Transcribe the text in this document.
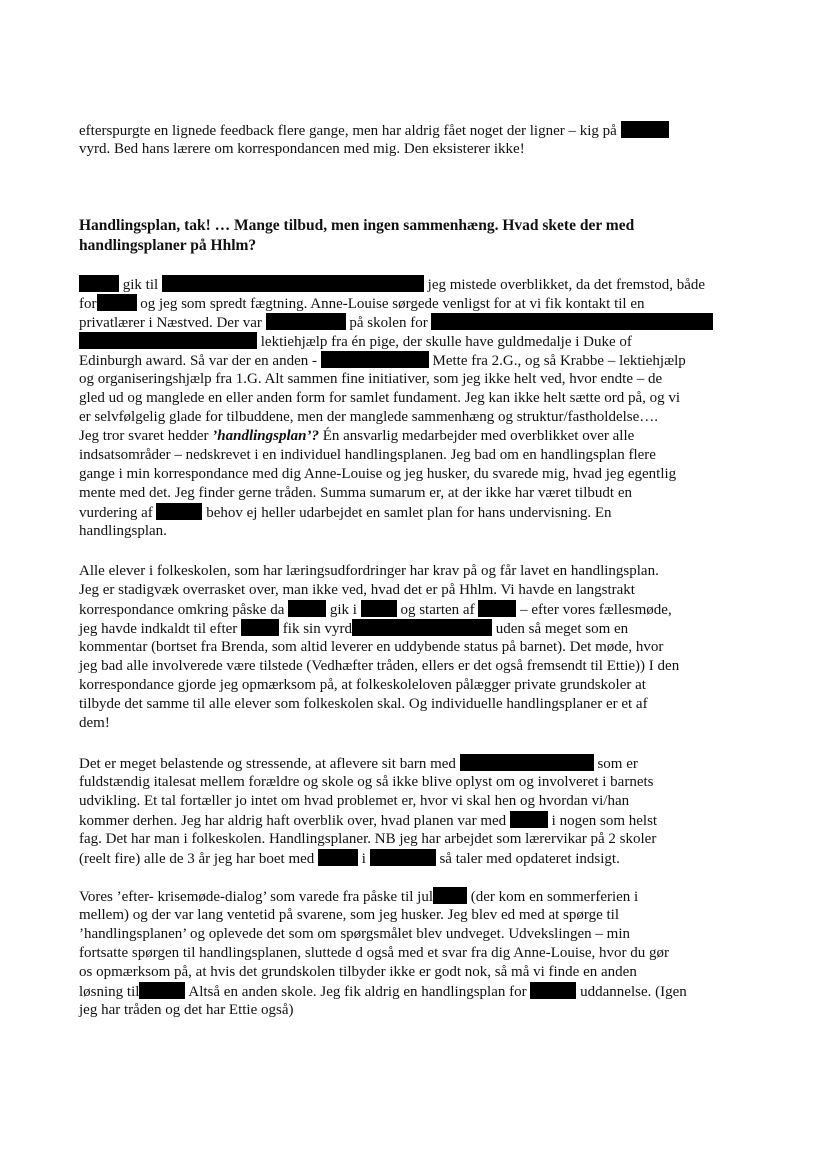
efterspurgte en lignede feedback flere gange, men har aldrig fået noget der ligner – kig på
vyrd. Bed hans lærere om korrespondancen med mig. Den eksisterer ikke!
Handlingsplan, tak! … Mange tilbud, men ingen sammenhæng. Hvad skete der med
handlingsplaner på Hhlm?
gik til	jeg mistede overblikket, da det fremstod, både
for	og jeg som spredt fægtning. Anne-Louise sørgede venligst for at vi fik kontakt til en
privatlærer i Næstved. Der var	på skolen for
lektiehjælp fra én pige, der skulle have guldmedalje i Duke of
Edinburgh award. Så var der en anden -	Mette fra 2.G., og så Krabbe – lektiehjælp
og organiseringshjælp fra 1.G. Alt sammen fine initiativer, som jeg ikke helt ved, hvor endte – de
gled ud og manglede en eller anden form for samlet fundament. Jeg kan ikke helt sætte ord på, og vi
er selvfølgelig glade for tilbuddene, men der manglede sammenhæng og struktur/fastholdelse….
Jeg tror svaret hedder ’handlingsplan’? Én ansvarlig medarbejder med overblikket over alle
indsatsområder – nedskrevet i en individuel handlingsplanen. Jeg bad om en handlingsplan flere
gange i min korrespondance med dig Anne-Louise og jeg husker, du svarede mig, hvad jeg egentlig
mente med det. Jeg finder gerne tråden. Summa sumarum er, at der ikke har været tilbudt en
vurdering af	behov ej heller udarbejdet en samlet plan for hans undervisning. En
handlingsplan.
Alle elever i folkeskolen, som har læringsudfordringer har krav på og får lavet en handlingsplan.
Jeg er stadigvæk overrasket over, man ikke ved, hvad det er på Hhlm. Vi havde en langstrakt
korrespondance omkring påske da	gik i	og starten af	– efter vores fællesmøde,
jeg havde indkaldt til efter	fik sin vyrd	uden så meget som en
kommentar (bortset fra Brenda, som altid leverer en uddybende status på barnet). Det møde, hvor
jeg bad alle involverede være tilstede (Vedhæfter tråden, ellers er det også fremsendt til Ettie)) I den
korrespondance gjorde jeg opmærksom på, at folkeskoleloven pålægger private grundskoler at
tilbyde det samme til alle elever som folkeskolen skal. Og individuelle handlingsplaner er et af
dem!
Det er meget belastende og stressende, at aflevere sit barn med	som er
fuldstændig italesat mellem forældre og skole og så ikke blive oplyst om og involveret i barnets
udvikling. Et tal fortæller jo intet om hvad problemet er, hvor vi skal hen og hvordan vi/han
kommer derhen. Jeg har aldrig haft overblik over, hvad planen var med	i nogen som helst
fag. Det har man i folkeskolen. Handlingsplaner. NB jeg har arbejdet som lærervikar på 2 skoler
(reelt fire) alle de 3 år jeg har boet med	i	så taler med opdateret indsigt.
Vores ’efter- krisemøde-dialog’ som varede fra påske til jul	(der kom en sommerferien i
mellem) og der var lang ventetid på svarene, som jeg husker. Jeg blev ed med at spørge til
’handlingsplanen’ og oplevede det som om spørgsmålet blev undveget. Udvekslingen – min
fortsatte spørgen til handlingsplanen, sluttede d også med et svar fra dig Anne-Louise, hvor du gør
os opmærksom på, at hvis det grundskolen tilbyder ikke er godt nok, så må vi finde en anden
løsning til	Altså en anden skole. Jeg fik aldrig en handlingsplan for	uddannelse. (Igen
jeg har tråden og det har Ettie også)
